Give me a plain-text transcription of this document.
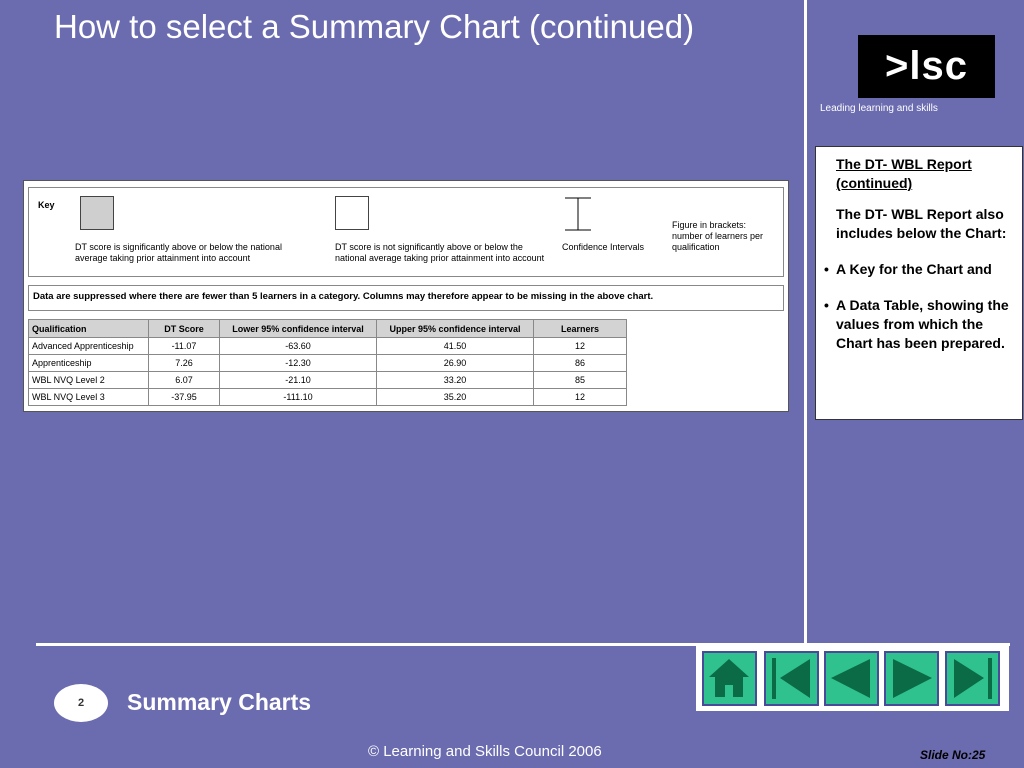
How to select a Summary Chart (continued)
>lsc
Leading learning and skills
The DT- WBL Report (continued)
The DT- WBL Report also includes below the Chart:
• A Key for the Chart and
• A Data Table, showing the values from which the Chart has been prepared.
Key
DT score is significantly above or below the national average taking prior attainment into account
DT score is not significantly above or below the national average taking prior attainment into account
Confidence Intervals
Figure in brackets: number of learners per qualification
Data are suppressed where there are fewer than 5 learners in a category. Columns may therefore appear to be missing in the above chart.
Qualification	DT Score	Lower 95% confidence interval	Upper 95% confidence interval	Learners
Advanced Apprenticeship	-11.07	-63.60	41.50	12
Apprenticeship	7.26	-12.30	26.90	86
WBL NVQ Level 2	6.07	-21.10	33.20	85
WBL NVQ Level 3	-37.95	-111.10	35.20	12
2	Summary Charts
© Learning and Skills Council 2006	Slide No:25
